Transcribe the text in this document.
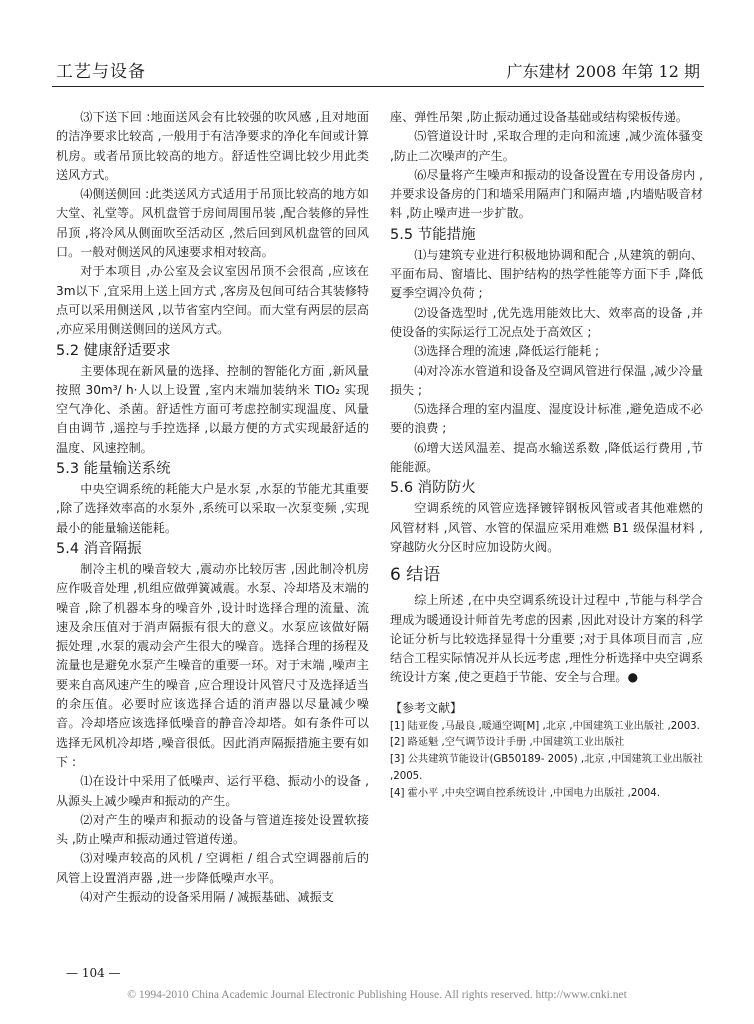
工艺与设备	广东建材 2008 年第 12 期

⑶下送下回 :地面送风会有比较强的吹风感 ,且对地面的洁净要求比较高 ,一般用于有洁净要求的净化车间或计算机房。或者吊顶比较高的地方。舒适性空调比较少用此类送风方式。

⑷侧送侧回 :此类送风方式适用于吊顶比较高的地方如大堂、礼堂等。风机盘管于房间周围吊装 ,配合装修的异性吊顶 ,将冷风从侧面吹至活动区 ,然后回到风机盘管的回风口。一般对侧送风的风速要求相对较高。

对于本项目 ,办公室及会议室因吊顶不会很高 ,应该在 3m以下 ,宜采用上送上回方式 ,客房及包间可结合其装修特点可以采用侧送风 ,以节省室内空间。而大堂有两层的层高 ,亦应采用侧送侧回的送风方式。

5.2 健康舒适要求

主要体现在新风量的选择、控制的智能化方面 ,新风量按照 30m³/ h·人以上设置 ,室内末端加装纳米 TIO₂ 实现空气净化、杀菌。舒适性方面可考虑控制实现温度、风量自由调节 ,遥控与手控选择 ,以最方便的方式实现最舒适的温度、风速控制。

5.3 能量输送系统

中央空调系统的耗能大户是水泵 ,水泵的节能尤其重要 ,除了选择效率高的水泵外 ,系统可以采取一次泵变频 ,实现最小的能量输送能耗。

5.4 消音隔振

制冷主机的噪音较大 ,震动亦比较厉害 ,因此制冷机房应作吸音处理 ,机组应做弹簧减震。水泵、冷却塔及末端的噪音 ,除了机器本身的噪音外 ,设计时选择合理的流量、流速及余压值对于消声隔振有很大的意义。水泵应该做好隔振处理 ,水泵的震动会产生很大的噪音。选择合理的扬程及流量也是避免水泵产生噪音的重要一环。对于末端 ,噪声主要来自高风速产生的噪音 ,应合理设计风管尺寸及选择适当的余压值。必要时应该选择合适的消声器以尽量减少噪音。冷却塔应该选择低噪音的静音冷却塔。如有条件可以选择无风机冷却塔 ,噪音很低。因此消声隔振措施主要有如下 :

⑴在设计中采用了低噪声、运行平稳、振动小的设备 ,从源头上减少噪声和振动的产生。

⑵对产生的噪声和振动的设备与管道连接处设置软接头 ,防止噪声和振动通过管道传递。

⑶对噪声较高的风机 / 空调柜 / 组合式空调器前后的风管上设置消声器 ,进一步降低噪声水平。

⑷对产生振动的设备采用隔 / 减振基础、减振支

座、弹性吊架 ,防止振动通过设备基础或结构梁板传递。

⑸管道设计时 ,采取合理的走向和流速 ,减少流体骚变 ,防止二次噪声的产生。

⑹尽量将产生噪声和振动的设备设置在专用设备房内 ,并要求设备房的门和墙采用隔声门和隔声墙 ,内墙贴吸音材料 ,防止噪声进一步扩散。

5.5 节能措施

⑴与建筑专业进行积极地协调和配合 ,从建筑的朝向、平面布局、窗墙比、围护结构的热学性能等方面下手 ,降低夏季空调冷负荷 ;

⑵设备选型时 ,优先选用能效比大、效率高的设备 ,并使设备的实际运行工况点处于高效区 ;

⑶选择合理的流速 ,降低运行能耗 ;

⑷对冷冻水管道和设备及空调风管进行保温 ,减少冷量损失 ;

⑸选择合理的室内温度、湿度设计标准 ,避免造成不必要的浪费 ;

⑹增大送风温差、提高水输送系数 ,降低运行费用 ,节能能源。

5.6 消防防火

空调系统的风管应选择镀锌钢板风管或者其他难燃的风管材料 ,风管、水管的保温应采用难燃 B1 级保温材料 ,穿越防火分区时应加设防火阀。

6 结语

综上所述 ,在中央空调系统设计过程中 ,节能与科学合理成为暖通设计师首先考虑的因素 ,因此对设计方案的科学论证分析与比较选择显得十分重要 ;对于具体项目而言 ,应结合工程实际情况并从长远考虑 ,理性分析选择中央空调系统设计方案 ,使之更趋于节能、安全与合理。●

【参考文献】
[1] 陆亚俊 ,马最良 ,暖通空调[M] ,北京 ,中国建筑工业出版社 ,2003.
[2] 路延魁 ,空气调节设计手册 ,中国建筑工业出版社
[3] 公共建筑节能设计(GB50189- 2005) ,北京 ,中国建筑工业出版社 ,2005.
[4] 霍小平 ,中央空调自控系统设计 ,中国电力出版社 ,2004.
— 104 —
© 1994-2010 China Academic Journal Electronic Publishing House. All rights reserved. http://www.cnki.net
